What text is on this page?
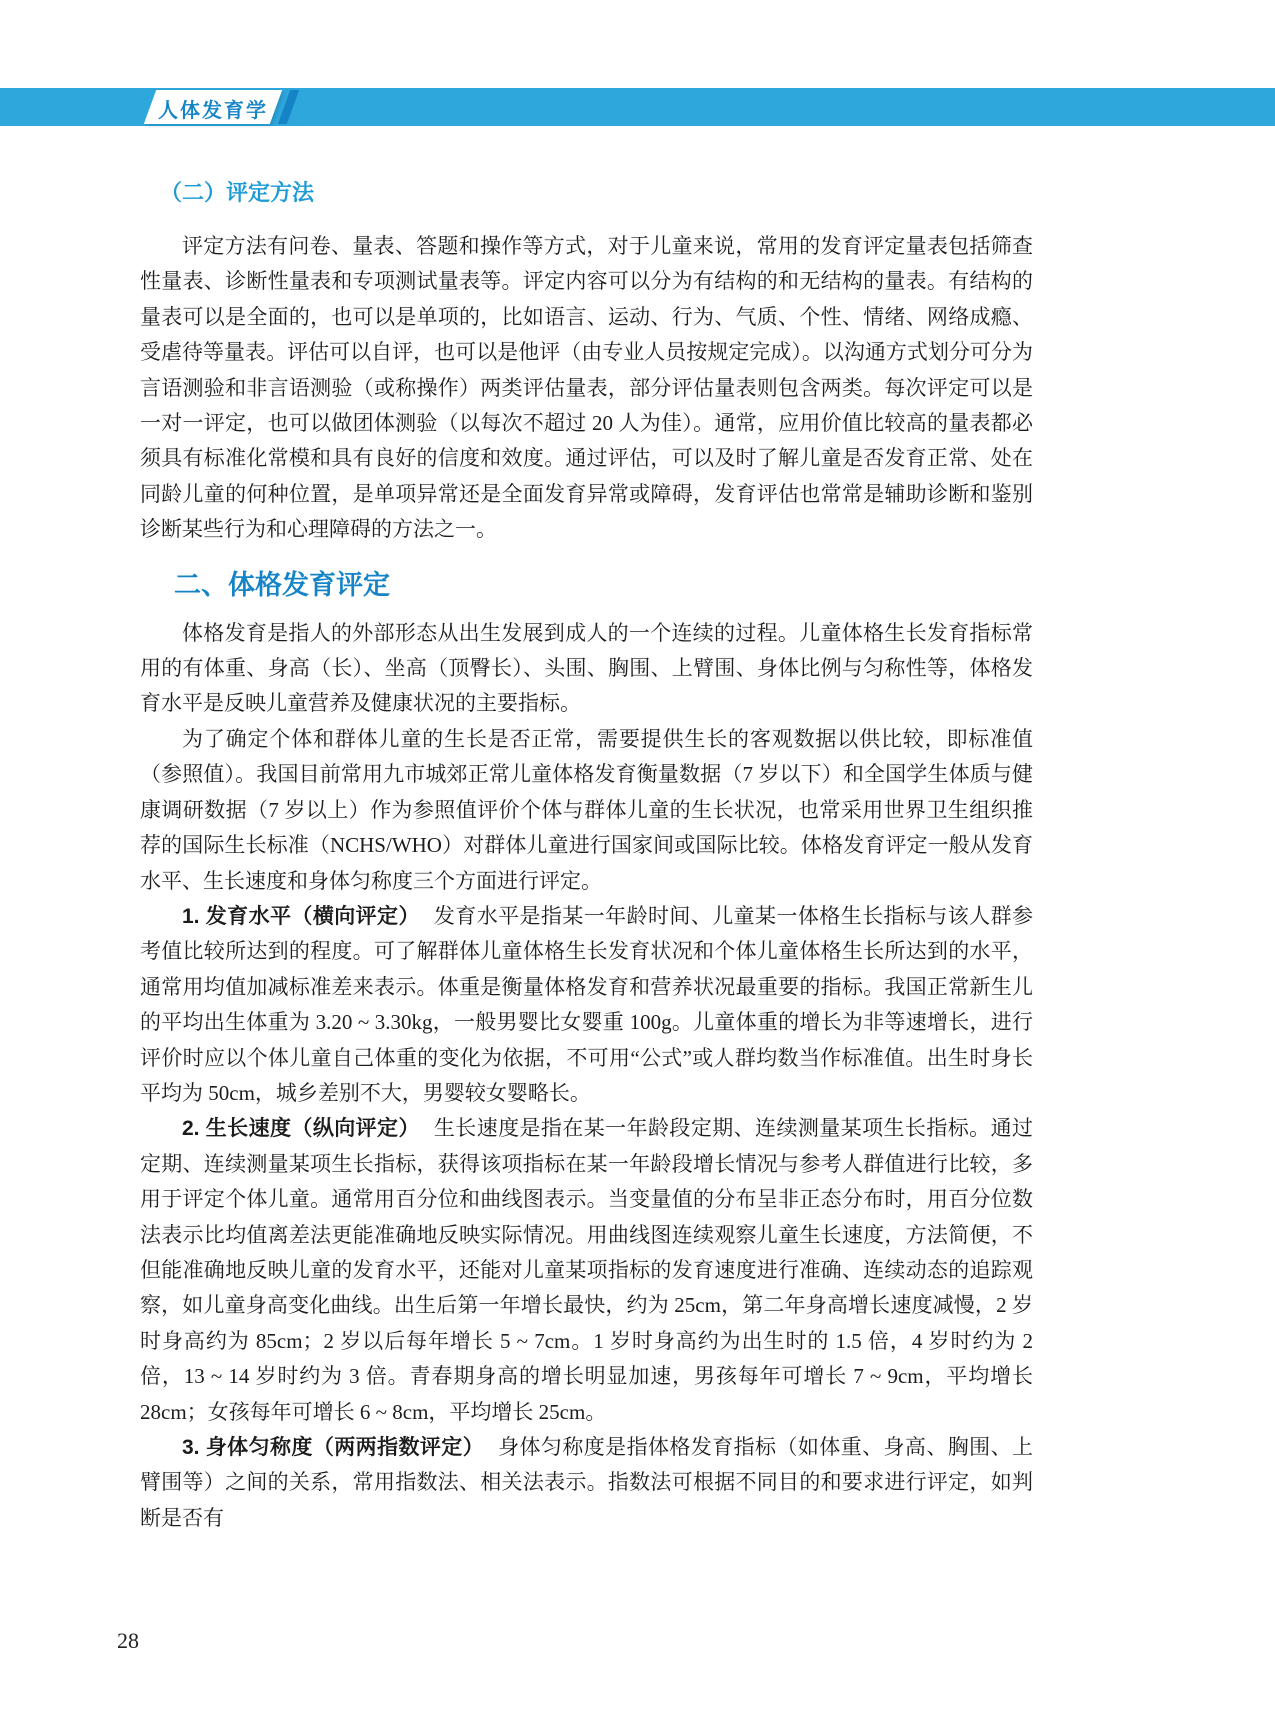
人体发育学
（二）评定方法

评定方法有问卷、量表、答题和操作等方式，对于儿童来说，常用的发育评定量表包括筛查性量表、诊断性量表和专项测试量表等。评定内容可以分为有结构的和无结构的量表。有结构的量表可以是全面的，也可以是单项的，比如语言、运动、行为、气质、个性、情绪、网络成瘾、受虐待等量表。评估可以自评，也可以是他评（由专业人员按规定完成）。以沟通方式划分可分为言语测验和非言语测验（或称操作）两类评估量表，部分评估量表则包含两类。每次评定可以是一对一评定，也可以做团体测验（以每次不超过 20 人为佳）。通常，应用价值比较高的量表都必须具有标准化常模和具有良好的信度和效度。通过评估，可以及时了解儿童是否发育正常、处在同龄儿童的何种位置，是单项异常还是全面发育异常或障碍，发育评估也常常是辅助诊断和鉴别诊断某些行为和心理障碍的方法之一。

二、体格发育评定

体格发育是指人的外部形态从出生发展到成人的一个连续的过程。儿童体格生长发育指标常用的有体重、身高（长）、坐高（顶臀长）、头围、胸围、上臂围、身体比例与匀称性等，体格发育水平是反映儿童营养及健康状况的主要指标。

为了确定个体和群体儿童的生长是否正常，需要提供生长的客观数据以供比较，即标准值（参照值）。我国目前常用九市城郊正常儿童体格发育衡量数据（7 岁以下）和全国学生体质与健康调研数据（7 岁以上）作为参照值评价个体与群体儿童的生长状况，也常采用世界卫生组织推荐的国际生长标准（NCHS/WHO）对群体儿童进行国家间或国际比较。体格发育评定一般从发育水平、生长速度和身体匀称度三个方面进行评定。

1. 发育水平（横向评定） 发育水平是指某一年龄时间、儿童某一体格生长指标与该人群参考值比较所达到的程度。可了解群体儿童体格生长发育状况和个体儿童体格生长所达到的水平，通常用均值加减标准差来表示。体重是衡量体格发育和营养状况最重要的指标。我国正常新生儿的平均出生体重为 3.20 ~ 3.30kg，一般男婴比女婴重 100g。儿童体重的增长为非等速增长，进行评价时应以个体儿童自己体重的变化为依据，不可用“公式”或人群均数当作标准值。出生时身长平均为 50cm，城乡差别不大，男婴较女婴略长。

2. 生长速度（纵向评定） 生长速度是指在某一年龄段定期、连续测量某项生长指标。通过定期、连续测量某项生长指标，获得该项指标在某一年龄段增长情况与参考人群值进行比较，多用于评定个体儿童。通常用百分位和曲线图表示。当变量值的分布呈非正态分布时，用百分位数法表示比均值离差法更能准确地反映实际情况。用曲线图连续观察儿童生长速度，方法简便，不但能准确地反映儿童的发育水平，还能对儿童某项指标的发育速度进行准确、连续动态的追踪观察，如儿童身高变化曲线。出生后第一年增长最快，约为 25cm，第二年身高增长速度减慢，2 岁时身高约为 85cm；2 岁以后每年增长 5 ~ 7cm。1 岁时身高约为出生时的 1.5 倍，4 岁时约为 2 倍，13 ~ 14 岁时约为 3 倍。青春期身高的增长明显加速，男孩每年可增长 7 ~ 9cm，平均增长 28cm；女孩每年可增长 6 ~ 8cm，平均增长 25cm。

3. 身体匀称度（两两指数评定） 身体匀称度是指体格发育指标（如体重、身高、胸围、上臂围等）之间的关系，常用指数法、相关法表示。指数法可根据不同目的和要求进行评定，如判断是否有

28
